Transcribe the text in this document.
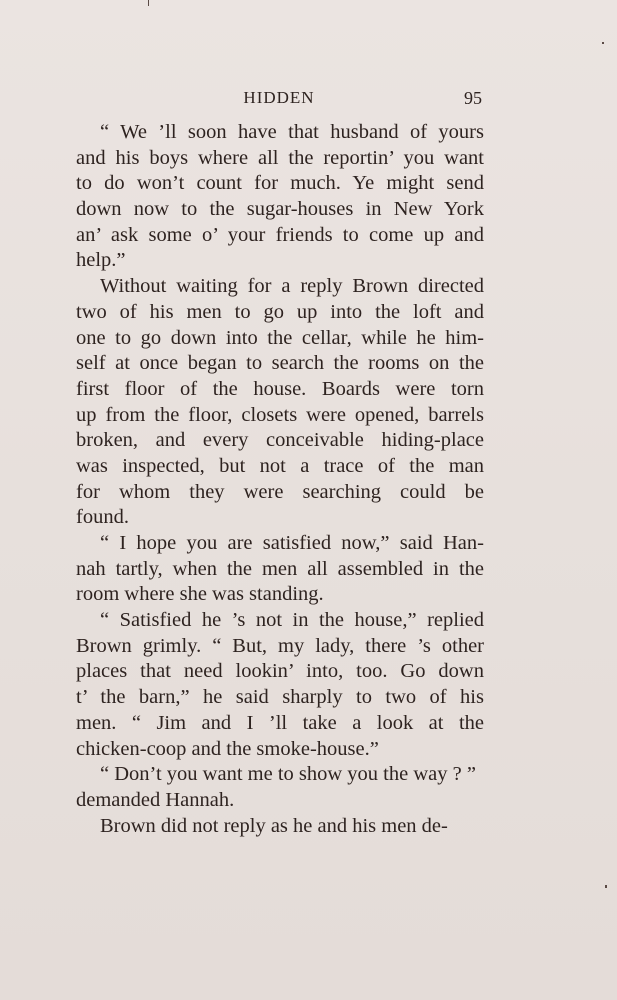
HIDDEN	95
“ We ’ll soon have that husband of yours
and his boys where all the reportin’ you want
to do won’t count for much. Ye might send
down now to the sugar-houses in New York
an’ ask some o’ your friends to come up and
help.”
Without waiting for a reply Brown directed
two of his men to go up into the loft and
one to go down into the cellar, while he him-
self at once began to search the rooms on the
first floor of the house. Boards were torn
up from the floor, closets were opened, barrels
broken, and every conceivable hiding-place
was inspected, but not a trace of the man
for whom they were searching could be
found.
“ I hope you are satisfied now,” said Han-
nah tartly, when the men all assembled in the
room where she was standing.
“ Satisfied he ’s not in the house,” replied
Brown grimly. “ But, my lady, there ’s other
places that need lookin’ into, too. Go down
t’ the barn,” he said sharply to two of his
men. “ Jim and I ’ll take a look at the
chicken-coop and the smoke-house.”
“ Don’t you want me to show you the way ? ”
demanded Hannah.
Brown did not reply as he and his men de-
